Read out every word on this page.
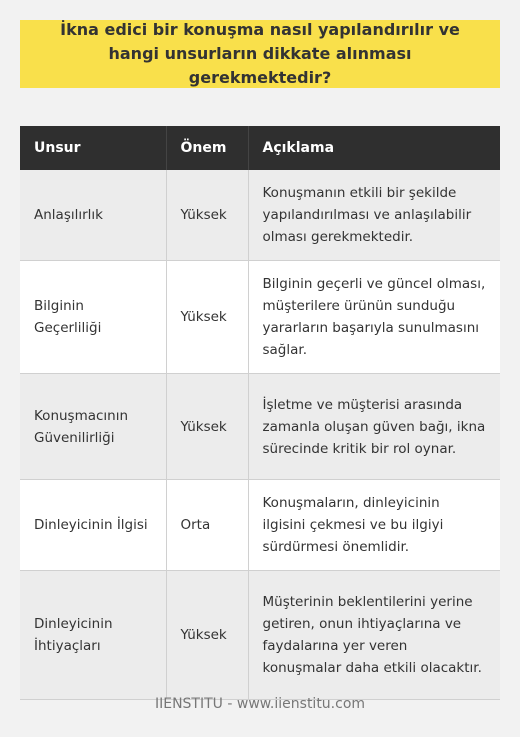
İkna edici bir konuşma nasıl yapılandırılır ve hangi unsurların dikkate alınması gerekmektedir?
Unsur	Önem	Açıklama
Anlaşılırlık	Yüksek	Konuşmanın etkili bir şekilde yapılandırılması ve anlaşılabilir olması gerekmektedir.
Bilginin Geçerliliği	Yüksek	Bilginin geçerli ve güncel olması, müşterilere ürünün sunduğu yararların başarıyla sunulmasını sağlar.
Konuşmacının Güvenilirliği	Yüksek	İşletme ve müşterisi arasında zamanla oluşan güven bağı, ikna sürecinde kritik bir rol oynar.
Dinleyicinin İlgisi	Orta	Konuşmaların, dinleyicinin ilgisini çekmesi ve bu ilgiyi sürdürmesi önemlidir.
Dinleyicinin İhtiyaçları	Yüksek	Müşterinin beklentilerini yerine getiren, onun ihtiyaçlarına ve faydalarına yer veren konuşmalar daha etkili olacaktır.
IIENSTITU - www.iienstitu.com
